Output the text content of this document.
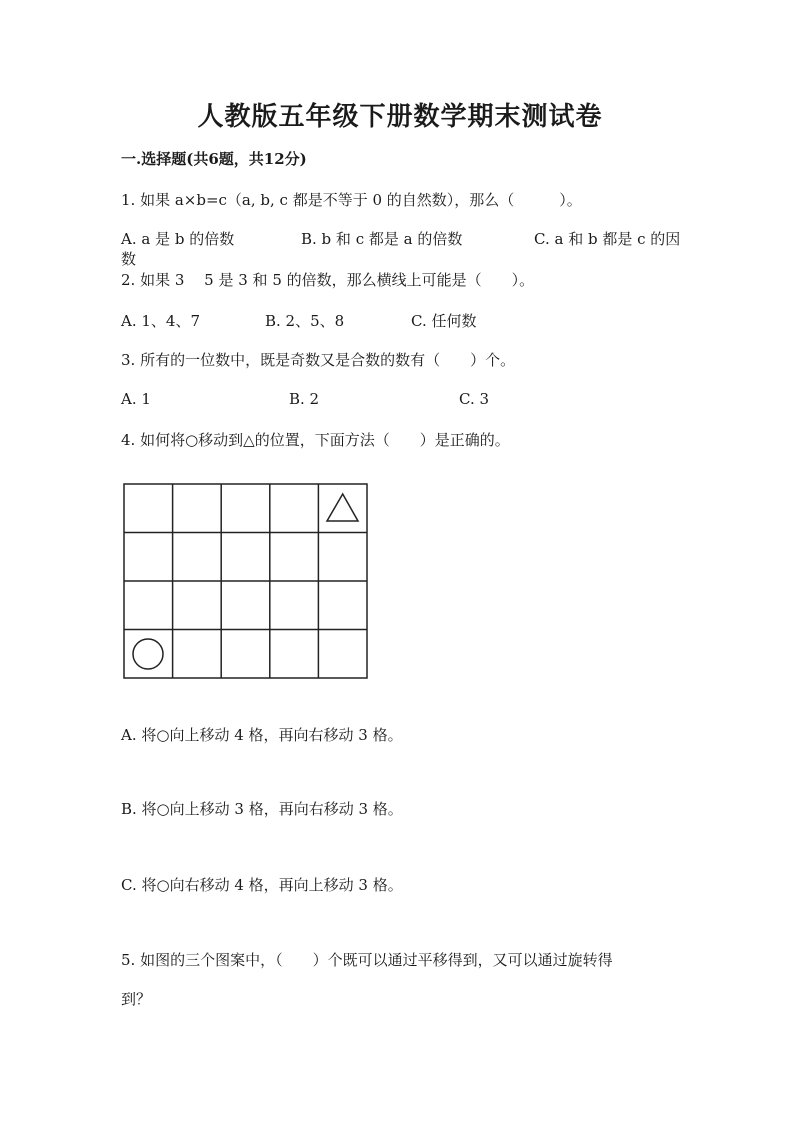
人教版五年级下册数学期末测试卷
一.选择题(共6题，共12分)
1. 如果 a×b=c（a, b, c 都是不等于 0 的自然数），那么（　　　）。
A. a 是 b 的倍数	B. b 和 c 都是 a 的倍数	C. a 和 b 都是 c 的因
数
2. 如果 3　 5 是 3 和 5 的倍数，那么横线上可能是（　　）。
A. 1、4、7	B. 2、5、8	C. 任何数
3. 所有的一位数中，既是奇数又是合数的数有（　　）个。
A. 1	B. 2	C. 3
4. 如何将○移动到△的位置，下面方法（　　）是正确的。
A. 将○向上移动 4 格，再向右移动 3 格。
B. 将○向上移动 3 格，再向右移动 3 格。
C. 将○向右移动 4 格，再向上移动 3 格。
5. 如图的三个图案中，（　　）个既可以通过平移得到，又可以通过旋转得
到？
